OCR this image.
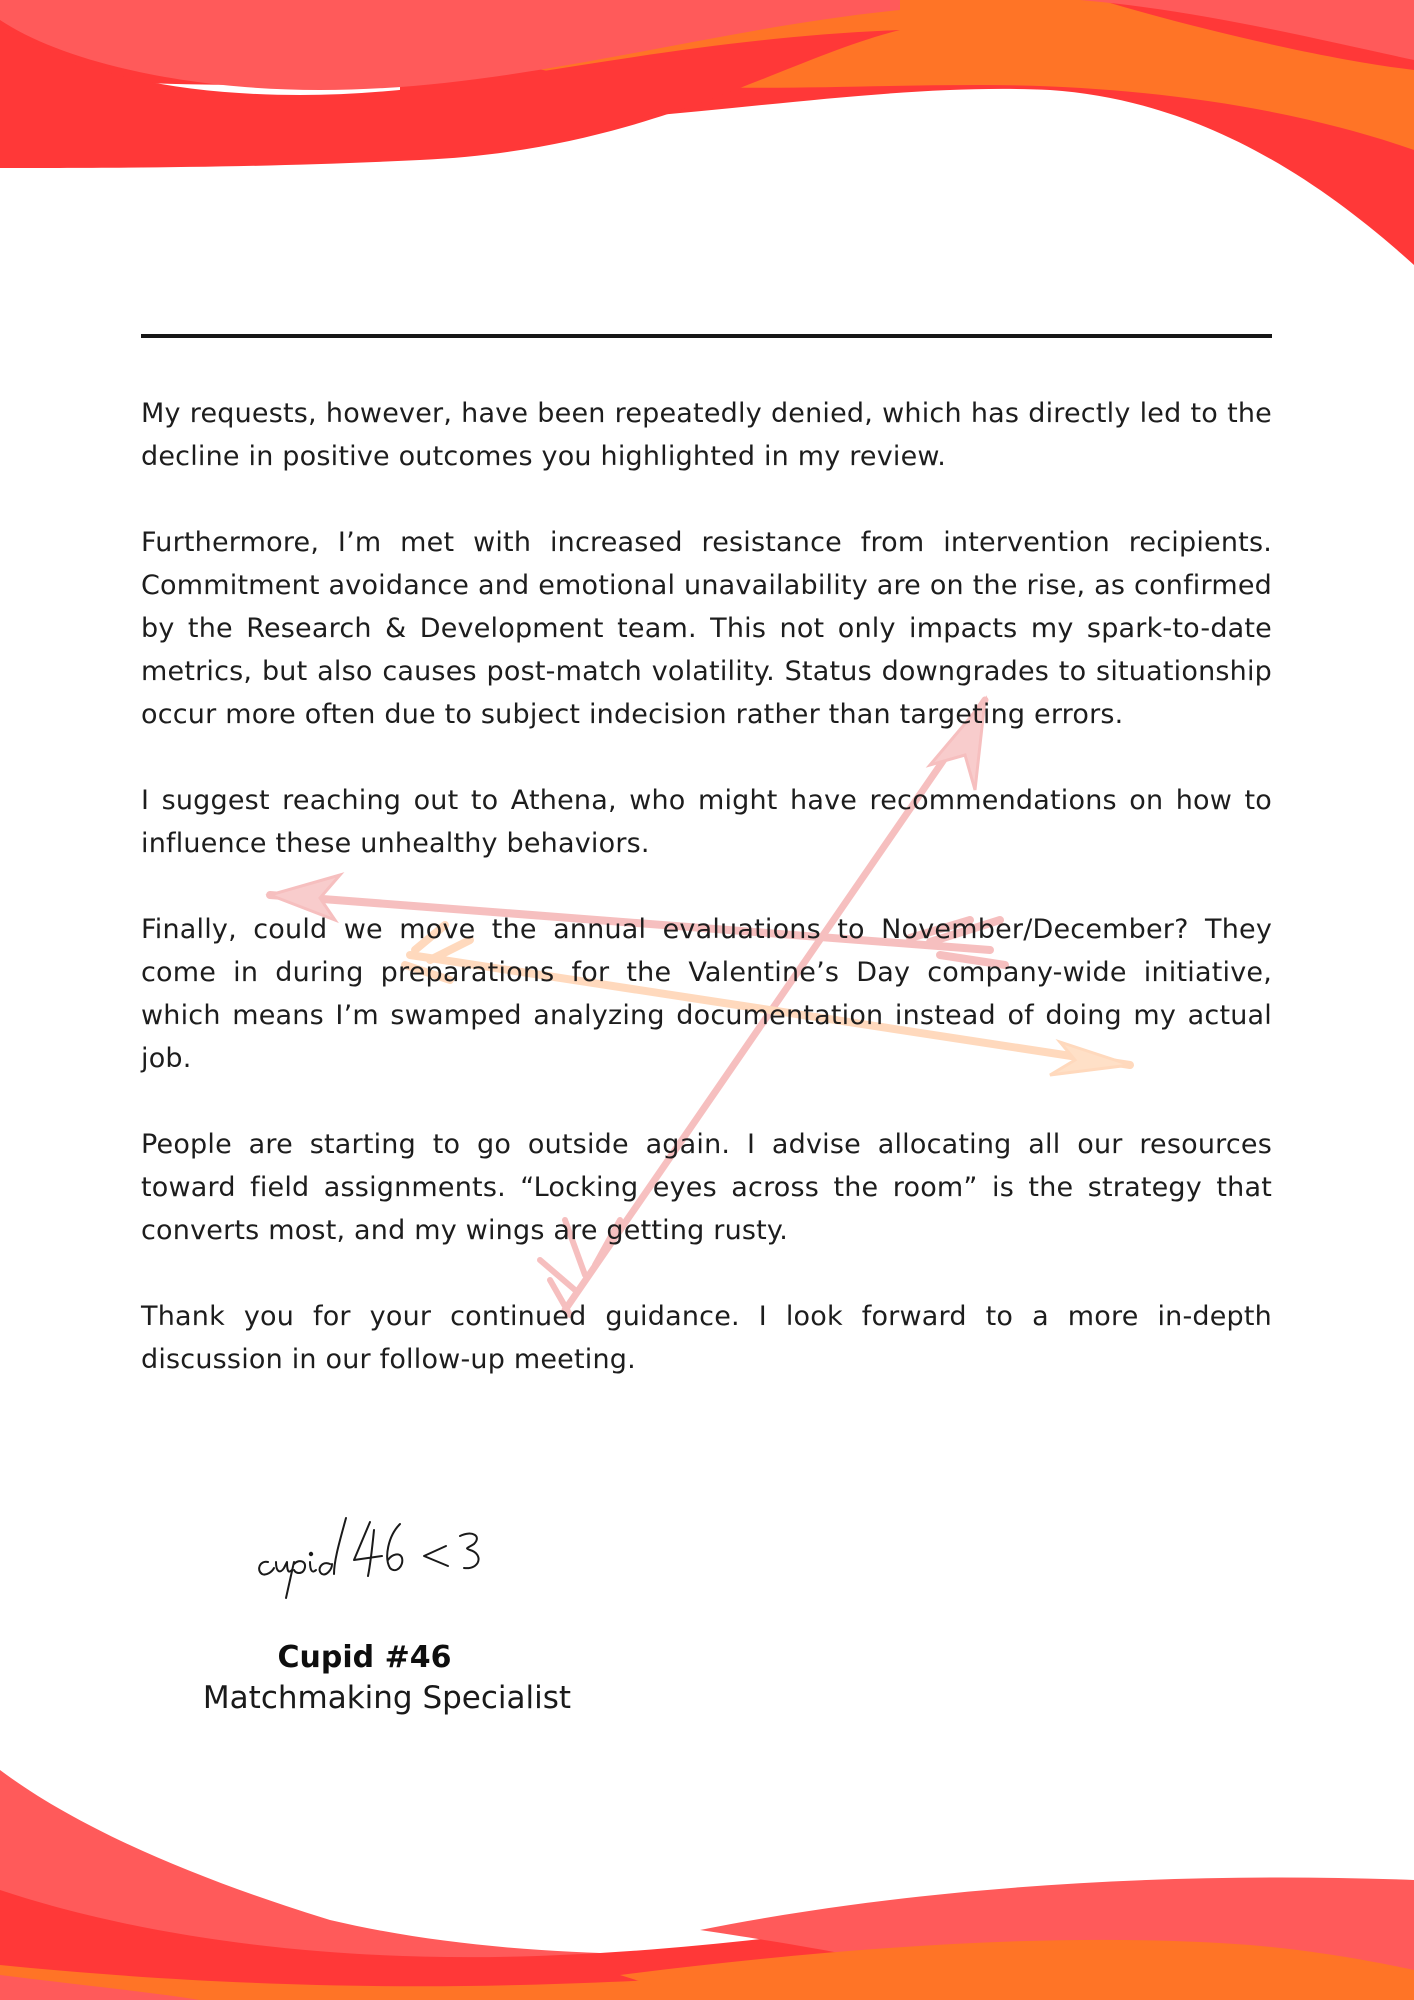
My requests, however, have been repeatedly denied, which has directly led to the decline in positive outcomes you highlighted in my review.

Furthermore, I’m met with increased resistance from intervention recipients. Commitment avoidance and emotional unavailability are on the rise, as confirmed by the Research & Development team. This not only impacts my spark-to-date metrics, but also causes post-match volatility. Status downgrades to situationship occur more often due to subject indecision rather than targeting errors.

I suggest reaching out to Athena, who might have recommendations on how to influence these unhealthy behaviors.

Finally, could we move the annual evaluations to November/December? They come in during preparations for the Valentine’s Day company-wide initiative, which means I’m swamped analyzing documentation instead of doing my actual job.

People are starting to go outside again. I advise allocating all our resources toward field assignments. “Locking eyes across the room” is the strategy that converts most, and my wings are getting rusty.

Thank you for your continued guidance. I look forward to a more in-depth discussion in our follow-up meeting.

Cupid #46
Matchmaking Specialist
